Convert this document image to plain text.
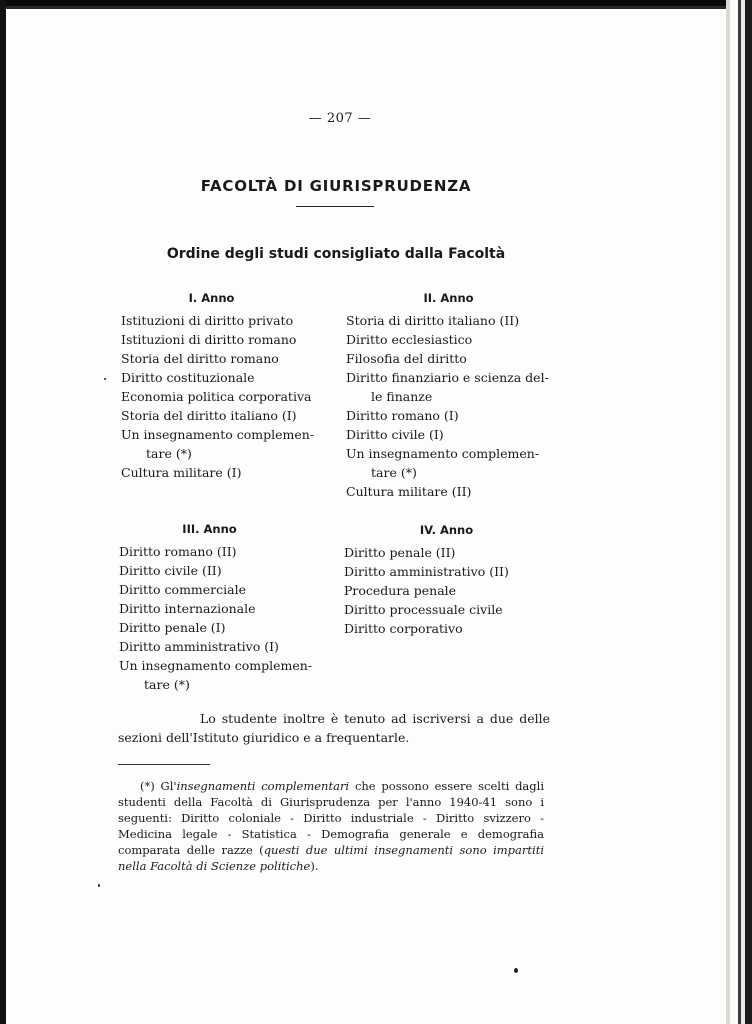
— 207 —
FACOLTÀ DI GIURISPRUDENZA
Ordine degli studi consigliato dalla Facoltà
I. Anno
Istituzioni di diritto privato
Istituzioni di diritto romano
Storia del diritto romano
Diritto costituzionale
Economia politica corporativa
Storia del diritto italiano (I)
Un insegnamento complemen-
tare (*)
Cultura militare (I)
II. Anno
Storia di diritto italiano (II)
Diritto ecclesiastico
Filosofia del diritto
Diritto finanziario e scienza del-
le finanze
Diritto romano (I)
Diritto civile (I)
Un insegnamento complemen-
tare (*)
Cultura militare (II)
III. Anno
Diritto romano (II)
Diritto civile (II)
Diritto commerciale
Diritto internazionale
Diritto penale (I)
Diritto amministrativo (I)
Un insegnamento complemen-
tare (*)
IV. Anno
Diritto penale (II)
Diritto amministrativo (II)
Procedura penale
Diritto processuale civile
Diritto corporativo
Lo studente inoltre è tenuto ad iscriversi a due delle sezioni dell'Istituto giuridico e a frequentarle.
(*) Gl'insegnamenti complementari che possono essere scelti dagli studenti della Facoltà di Giurisprudenza per l'anno 1940-41 sono i seguenti: Diritto coloniale - Diritto industriale - Diritto svizzero - Medicina legale - Statistica - Demografia generale e demografia comparata delle razze (questi due ultimi insegnamenti sono impartiti nella Facoltà di Scienze politiche).
